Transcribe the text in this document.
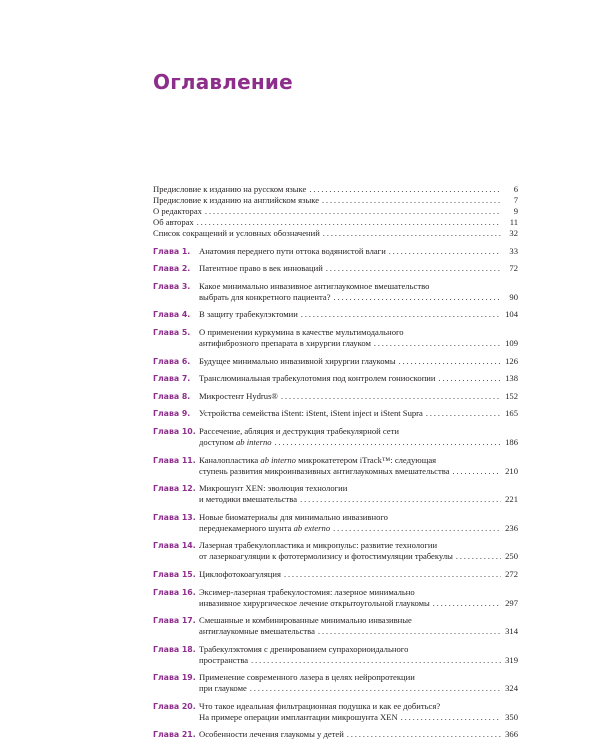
Оглавление
Предисловие к изданию на русском языке . . .	6
Предисловие к изданию на английском языке . . .	7
О редакторах . . .	9
Об авторах . . .	11
Список сокращений и условных обозначений . . .	32
Глава 1.	Анатомия переднего пути оттока водянистой влаги . . .	33
Глава 2.	Патентное право в век инноваций . . .	72
Глава 3.	Какое минимально инвазивное антиглаукомное вмешательство
выбрать для конкретного пациента? . . .	90
Глава 4.	В защиту трабекулэктомии . . .	104
Глава 5.	О применении куркумина в качестве мультимодального
антифиброзного препарата в хирургии глауком . . .	109
Глава 6.	Будущее минимально инвазивной хирургии глаукомы . . .	126
Глава 7.	Транслюминальная трабекулотомия под контролем гониоскопии . . .	138
Глава 8.	Микростент Hydrus® . . .	152
Глава 9.	Устройства семейства iStent: iStent, iStent inject и iStent Supra . . .	165
Глава 10. Рассечение, абляция и деструкция трабекулярной сети
доступом
ab interno . . .	186
Глава 11. Каналопластика
ab interno
микрокатетером iTrack™: следующая
ступень развития микроинвазивных антиглаукомных вмешательства . . .	210
Глава 12. Микрошунт XEN: эволюция технологии
и методики вмешательства . . .	221
Глава 13. Новые биоматериалы для минимально инвазивного
переднекамерного шунта
ab externo . . .	236
Глава 14. Лазерная трабекулопластика и микропульс: развитие технологии
от лазеркоагуляции к фототермолизису и фотостимуляции трабекулы . . .	250
Глава 15. Циклофотокоагуляция . . .	272
Глава 16. Эксимер-лазерная трабекулостомия: лазерное минимально
инвазивное хирургическое лечение открытоугольной глаукомы . . .	297
Глава 17. Смешанные и комбинированные минимально инвазивные
антиглаукомные вмешательства . . .	314
Глава 18. Трабекулэктомия с дренированием супрахориоидального
пространства . . .	319
Глава 19. Применение современного лазера в целях нейропротекции
при глаукоме . . .	324
Глава 20. Что такое идеальная фильтрационная подушка и как ее добиться?
На примере операции имплантации микрошунта XEN . . .	350
Глава 21. Особенности лечения глаукомы у детей . . .	366
